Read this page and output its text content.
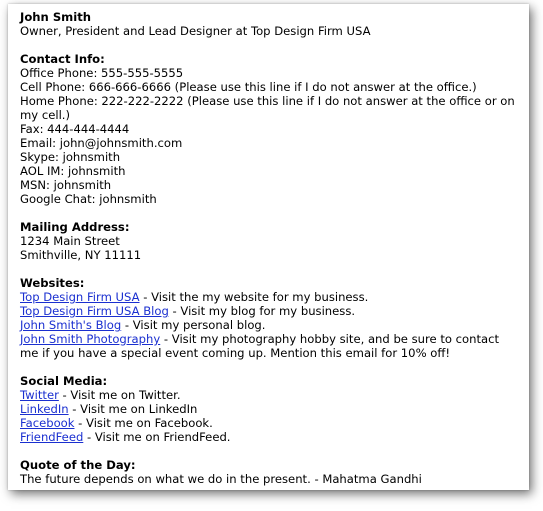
John Smith
Owner, President and Lead Designer at Top Design Firm USA
Contact Info:
Office Phone: 555-555-5555
Cell Phone: 666-666-6666 (Please use this line if I do not answer at the office.)
Home Phone: 222-222-2222 (Please use this line if I do not answer at the office or on my cell.)
Fax: 444-444-4444
Email: john@johnsmith.com
Skype: johnsmith
AOL IM: johnsmith
MSN: johnsmith
Google Chat: johnsmith
Mailing Address:
1234 Main Street
Smithville, NY 11111
Websites:
Top Design Firm USA - Visit the my website for my business.
Top Design Firm USA Blog - Visit my blog for my business.
John Smith's Blog - Visit my personal blog.
John Smith Photography - Visit my photography hobby site, and be sure to contact me if you have a special event coming up. Mention this email for 10% off!
Social Media:
Twitter - Visit me on Twitter.
LinkedIn - Visit me on LinkedIn
Facebook - Visit me on Facebook.
FriendFeed - Visit me on FriendFeed.
Quote of the Day:
The future depends on what we do in the present. - Mahatma Gandhi
